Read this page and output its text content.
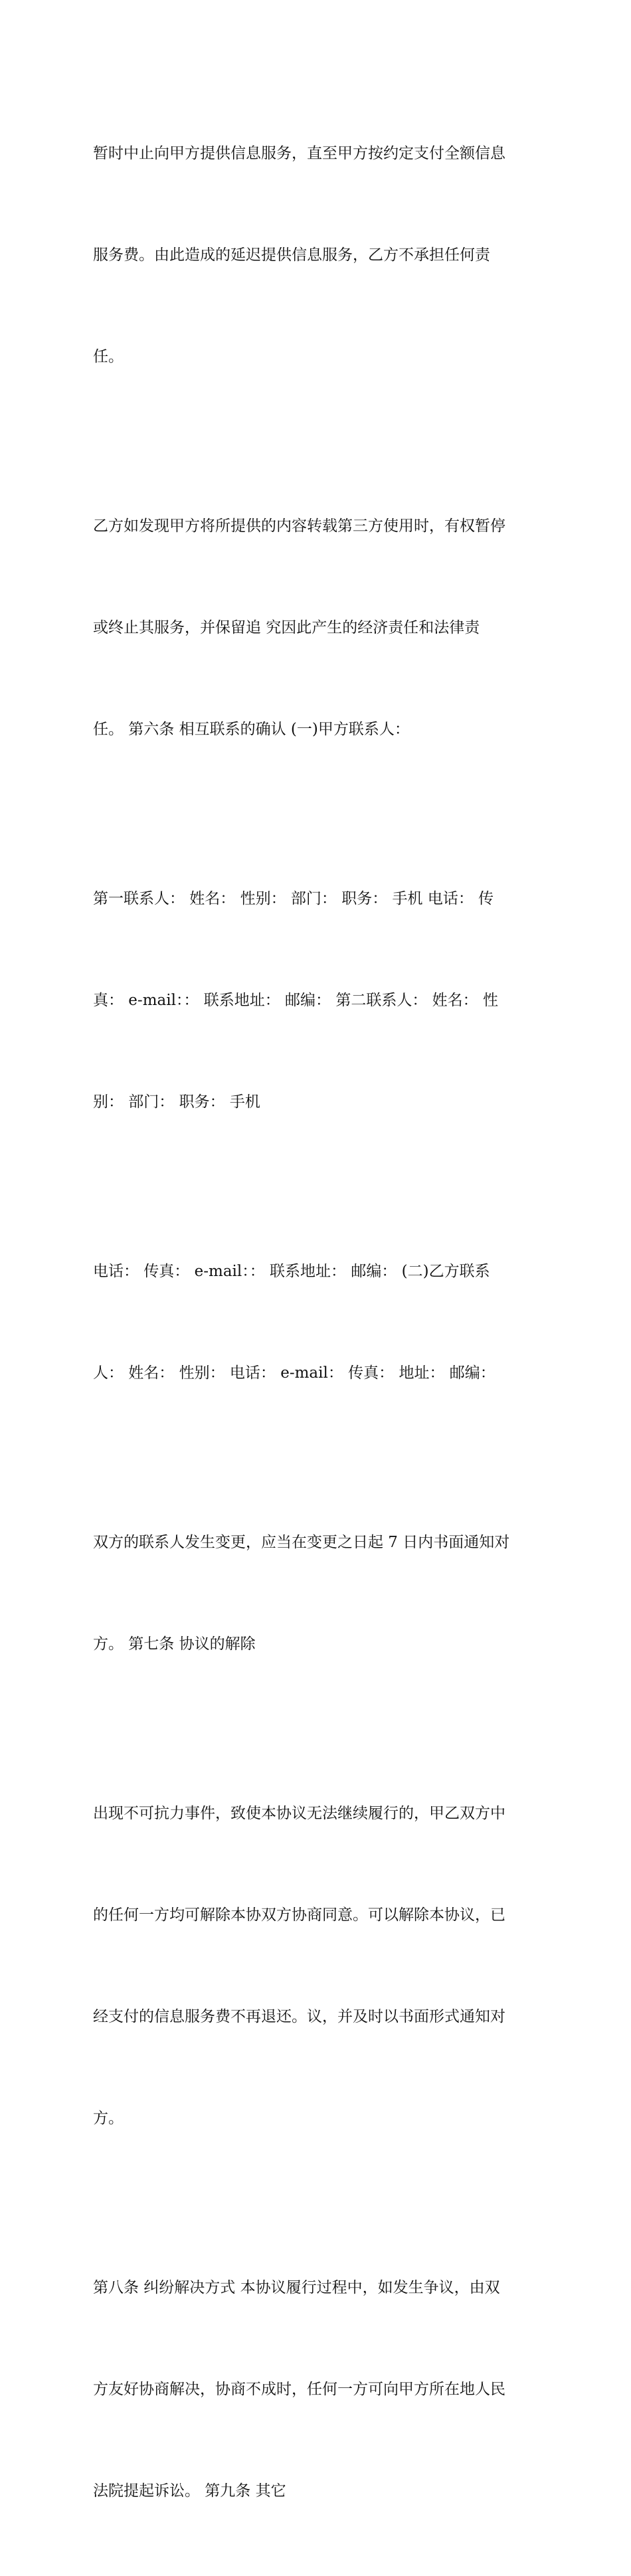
暂时中止向甲方提供信息服务，直至甲方按约定支付全额信息

服务费。由此造成的延迟提供信息服务，乙方不承担任何责

任。

乙方如发现甲方将所提供的内容转载第三方使用时，有权暂停

或终止其服务，并保留追 究因此产生的经济责任和法律责

任。 第六条 相互联系的确认 (一)甲方联系人：

第一联系人： 姓名： 性别： 部门： 职务： 手机 电话： 传

真： e-mail：： 联系地址： 邮编： 第二联系人： 姓名： 性

别： 部门： 职务： 手机

电话： 传真： e-mail：： 联系地址： 邮编： (二)乙方联系

人： 姓名： 性别： 电话： e-mail： 传真： 地址： 邮编：

双方的联系人发生变更，应当在变更之日起 7 日内书面通知对

方。 第七条 协议的解除

出现不可抗力事件，致使本协议无法继续履行的，甲乙双方中

的任何一方均可解除本协双方协商同意。可以解除本协议，已

经支付的信息服务费不再退还。议，并及时以书面形式通知对

方。

第八条 纠纷解决方式 本协议履行过程中，如发生争议，由双

方友好协商解决，协商不成时，任何一方可向甲方所在地人民

法院提起诉讼。 第九条 其它
